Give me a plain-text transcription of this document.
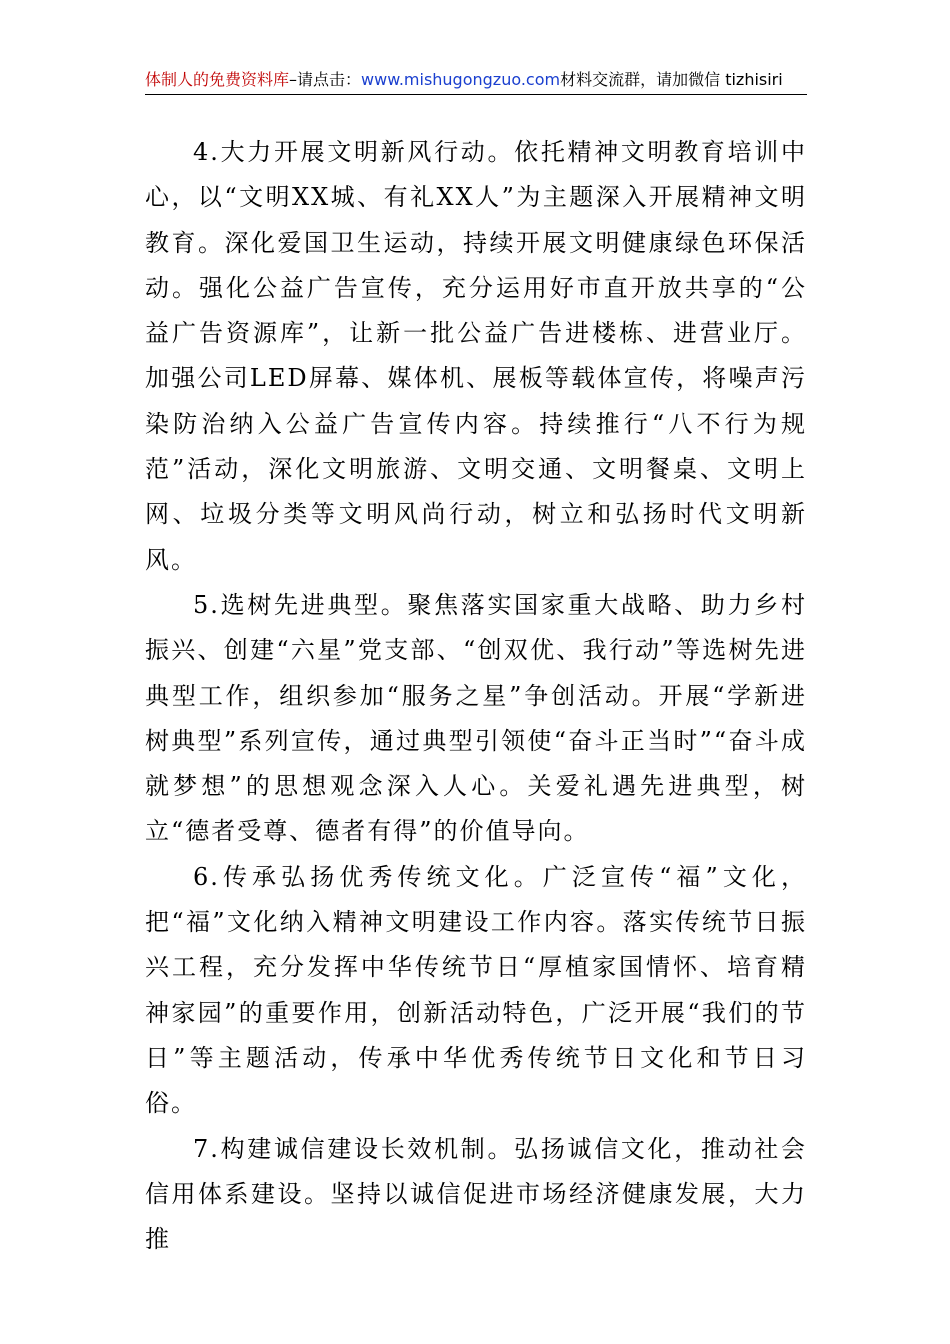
体制人的免费资料库–请点击：www.mishugongzuo.com材料交流群，请加微信 tizhisiri

4.大力开展文明新风行动。依托精神文明教育培训中心，以“文明XX城、有礼XX人”为主题深入开展精神文明教育。深化爱国卫生运动，持续开展文明健康绿色环保活动。强化公益广告宣传，充分运用好市直开放共享的“公益广告资源库”，让新一批公益广告进楼栋、进营业厅。加强公司LED屏幕、媒体机、展板等载体宣传，将噪声污染防治纳入公益广告宣传内容。持续推行“八不行为规范”活动，深化文明旅游、文明交通、文明餐桌、文明上网、垃圾分类等文明风尚行动，树立和弘扬时代文明新风。

5.选树先进典型。聚焦落实国家重大战略、助力乡村振兴、创建“六星”党支部、“创双优、我行动”等选树先进典型工作，组织参加“服务之星”争创活动。开展“学新进树典型”系列宣传，通过典型引领使“奋斗正当时”“奋斗成就梦想”的思想观念深入人心。关爱礼遇先进典型，树立“德者受尊、德者有得”的价值导向。

6.传承弘扬优秀传统文化。广泛宣传“福”文化，把“福”文化纳入精神文明建设工作内容。落实传统节日振兴工程，充分发挥中华传统节日“厚植家国情怀、培育精神家园”的重要作用，创新活动特色，广泛开展“我们的节日”等主题活动，传承中华优秀传统节日文化和节日习俗。

7.构建诚信建设长效机制。弘扬诚信文化，推动社会信用体系建设。坚持以诚信促进市场经济健康发展，大力推
